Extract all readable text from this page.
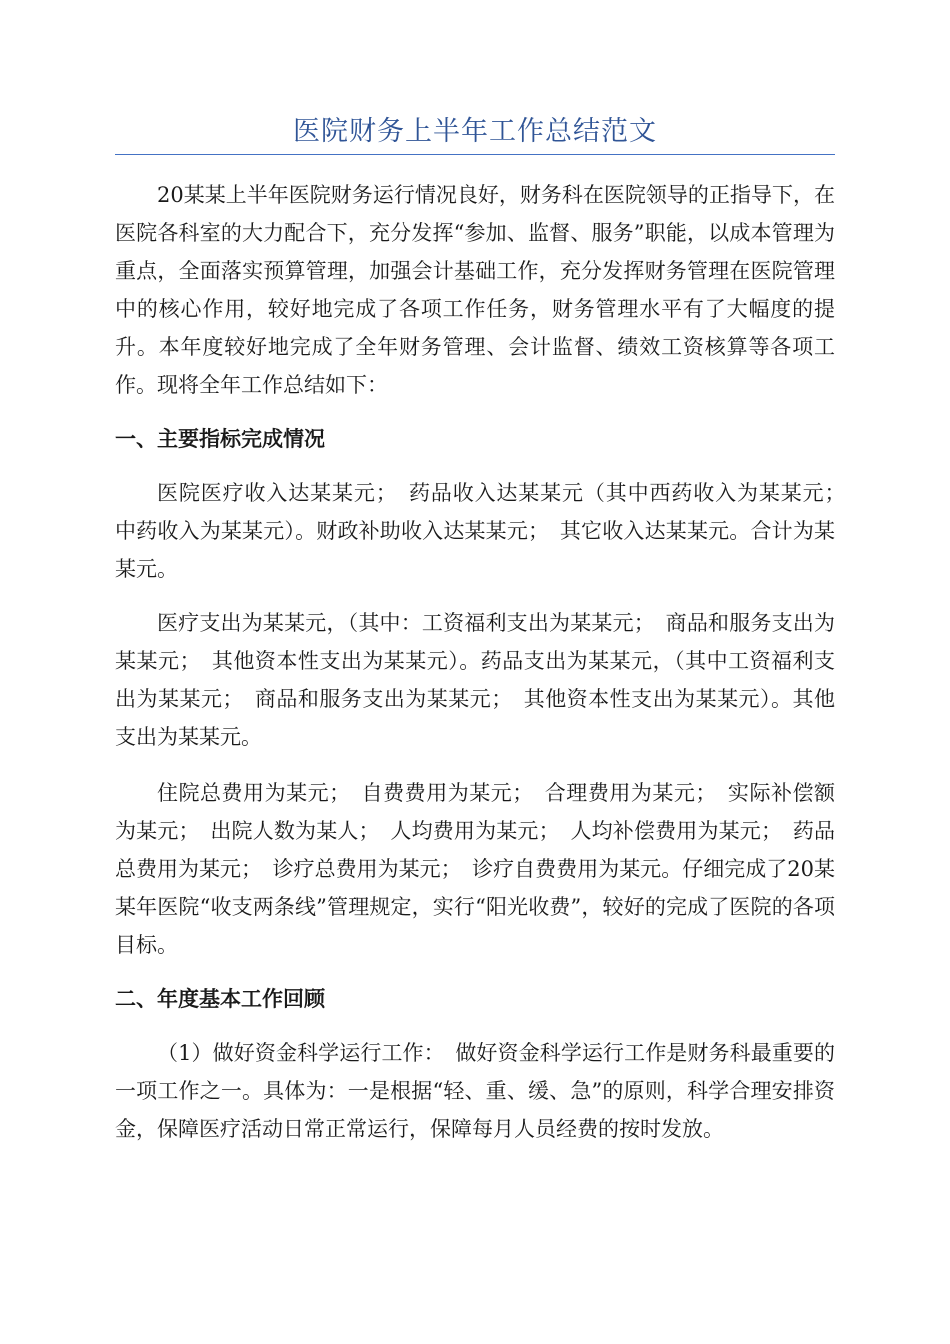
医院财务上半年工作总结范文

20某某上半年医院财务运行情况良好，财务科在医院领导的正指导下，在医院各科室的大力配合下，充分发挥“参加、监督、服务”职能，以成本管理为重点，全面落实预算管理，加强会计基础工作，充分发挥财务管理在医院管理中的核心作用，较好地完成了各项工作任务，财务管理水平有了大幅度的提升。本年度较好地完成了全年财务管理、会计监督、绩效工资核算等各项工作。现将全年工作总结如下：

一、主要指标完成情况

医院医疗收入达某某元；　药品收入达某某元（其中西药收入为某某元；　中药收入为某某元）。财政补助收入达某某元；　其它收入达某某元。合计为某某元。

医疗支出为某某元，（其中：工资福利支出为某某元；　商品和服务支出为某某元；　其他资本性支出为某某元）。药品支出为某某元，（其中工资福利支出为某某元；　商品和服务支出为某某元；　其他资本性支出为某某元）。其他支出为某某元。

住院总费用为某元；　自费费用为某元；　合理费用为某元；　实际补偿额为某元；　出院人数为某人；　人均费用为某元；　人均补偿费用为某元；　药品总费用为某元；　诊疗总费用为某元；　诊疗自费费用为某元。仔细完成了20某某年医院“收支两条线”管理规定，实行“阳光收费”，较好的完成了医院的各项目标。

二、年度基本工作回顾

（1）做好资金科学运行工作：　做好资金科学运行工作是财务科最重要的一项工作之一。具体为：一是根据“轻、重、缓、急”的原则，科学合理安排资金，保障医疗活动日常正常运行，保障每月人员经费的按时发放。
